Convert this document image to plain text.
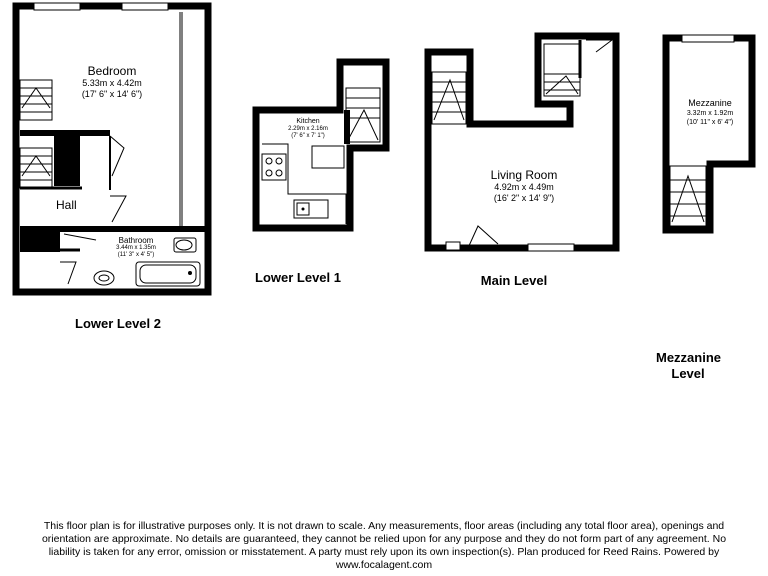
Bedroom
5.33m x 4.42m
(17' 6" x 14' 6")
Hall
Bathroom
3.44m x 1.35m
(11' 3" x 4' 5")
Kitchen
2.29m x 2.16m
(7' 6" x 7' 1")
Living Room
4.92m x 4.49m
(16' 2" x 14' 9")
Mezzanine
3.32m x 1.92m
(10' 11" x 6' 4")
Lower Level 2
Lower Level 1	Main Level
Mezzanine
Level
This floor plan is for illustrative purposes only. It is not drawn to scale. Any measurements, floor areas (including any total floor area), openings and
orientation are approximate. No details are guaranteed, they cannot be relied upon for any purpose and they do not form part of any agreement. No
liability is taken for any error, omission or misstatement. A party must rely upon its own inspection(s). Plan produced for Reed Rains. Powered by
www.focalagent.com
